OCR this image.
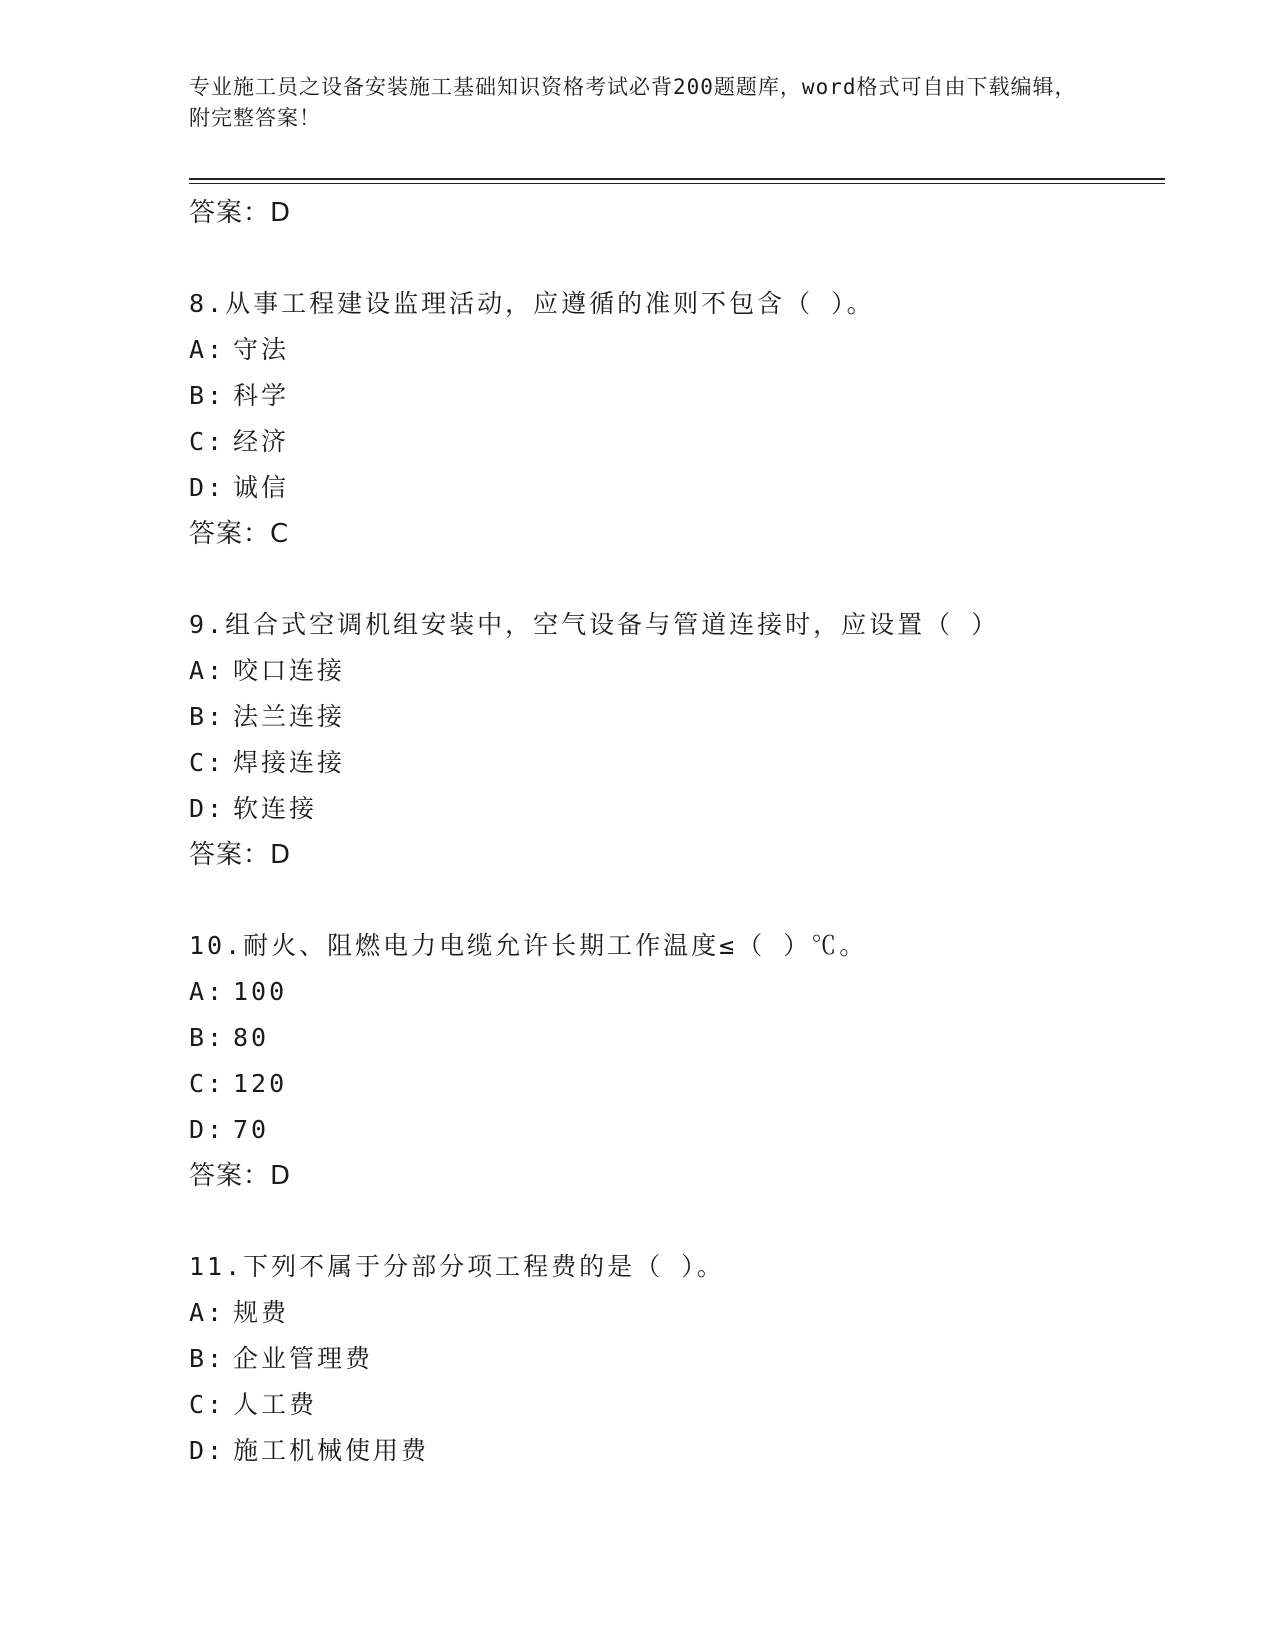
专业施工员之设备安装施工基础知识资格考试必背200题题库，word格式可自由下载编辑，附完整答案！
答案：D
8.从事工程建设监理活动，应遵循的准则不包含（ ）。
A: 守法
B: 科学
C: 经济
D: 诚信
答案：C
9.组合式空调机组安装中，空气设备与管道连接时，应设置（ ）
A: 咬口连接
B: 法兰连接
C: 焊接连接
D: 软连接
答案：D
10.耐火、阻燃电力电缆允许长期工作温度≤（ ）℃。
A: 100
B: 80
C: 120
D: 70
答案：D
11.下列不属于分部分项工程费的是（ ）。
A: 规费
B: 企业管理费
C: 人工费
D: 施工机械使用费
